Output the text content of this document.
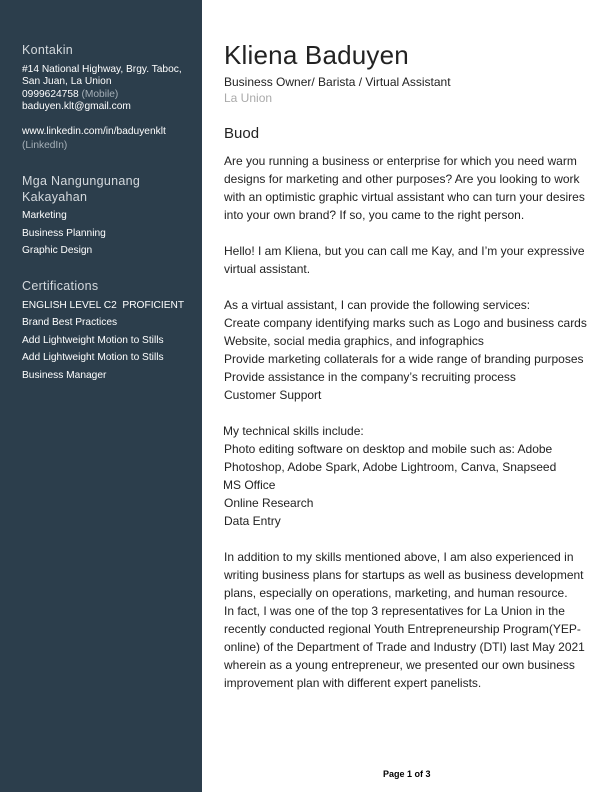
Kontakin
#14 National Highway, Brgy. Taboc,
San Juan, La Union
0999624758 (Mobile)
baduyen.klt@gmail.com
www.linkedin.com/in/baduyenklt
(LinkedIn)
Mga Nangungunang
Kakayahan
Marketing
Business Planning
Graphic Design
Certifications
ENGLISH LEVEL C2  PROFICIENT
Brand Best Practices
Add Lightweight Motion to Stills
Add Lightweight Motion to Stills
Business Manager
Kliena Baduyen
Business Owner/ Barista / Virtual Assistant
La Union
Buod
Are you running a business or enterprise for which you need warm
designs for marketing and other purposes? Are you looking to work
with an optimistic graphic virtual assistant who can turn your desires
into your own brand? If so, you came to the right person.
Hello! I am Kliena, but you can call me Kay, and I’m your expressive
virtual assistant.
As a virtual assistant, I can provide the following services:
Create company identifying marks such as Logo and business cards
Website, social media graphics, and infographics
Provide marketing collaterals for a wide range of branding purposes
Provide assistance in the company’s recruiting process
Customer Support
My technical skills include:
Photo editing software on desktop and mobile such as: Adobe
Photoshop, Adobe Spark, Adobe Lightroom, Canva, Snapseed
MS Office
Online Research
Data Entry
In addition to my skills mentioned above, I am also experienced in
writing business plans for startups as well as business development
plans, especially on operations, marketing, and human resource.
In fact, I was one of the top 3 representatives for La Union in the
recently conducted regional Youth Entrepreneurship Program(YEP-
online) of the Department of Trade and Industry (DTI) last May 2021
wherein as a young entrepreneur, we presented our own business
improvement plan with different expert panelists.
Page 1 of 3
